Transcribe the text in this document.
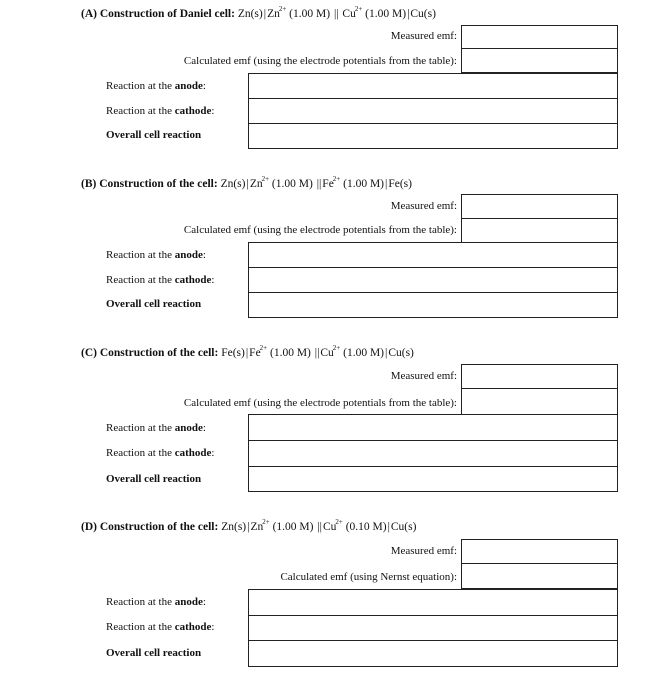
(A) Construction of Daniel cell: $Zn(s)|Zn^{2+}$ (1.00 M) || $Cu^{2+}$ (1.00 M)|Cu(s)
Measured emf:
Calculated emf (using the electrode potentials from the table):
Reaction at the anode:
Reaction at the cathode:
Overall cell reaction
(B) Construction of the cell: $Zn(s)|Zn^{2+}$ (1.00 M) $||Fe^{2+}$ (1.00 M)|Fe(s)
Measured emf:
Calculated emf (using the electrode potentials from the table):
Reaction at the anode:
Reaction at the cathode:
Overall cell reaction
(C) Construction of the cell: $Fe(s)|Fe^{2+}$ (1.00 M) $||Cu^{2+}$ (1.00 M)|Cu(s)
Measured emf:
Calculated emf (using the electrode potentials from the table):
Reaction at the anode:
Reaction at the cathode:
Overall cell reaction
(D) Construction of the cell: $Zn(s)|Zn^{2+}$ (1.00 M) $||Cu^{2+}$ (0.10 M)|Cu(s)
Measured emf:
Calculated emf (using Nernst equation):
Reaction at the anode:
Reaction at the cathode:
Overall cell reaction
